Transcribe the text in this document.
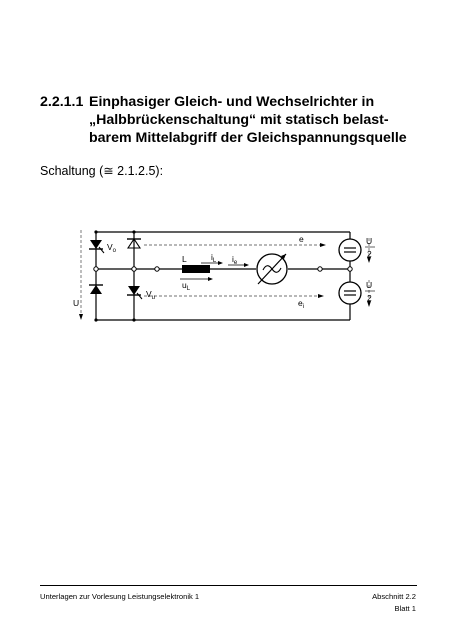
2.2.1.1 Einphasiger Gleich- und Wechselrichter in
„Halbbrückenschaltung“ mit statisch belast-
barem Mittelabgriff der Gleichspannungsquelle
Schaltung (≅ 2.1.2.5):
U
$V_o$
$V_u$
L	$i_L$ $i_e$
$u_L$
e
$e_i$
U
2
U
2
Unterlagen zur Vorlesung Leistungselektronik 1	Abschnitt 2.2
Blatt 1
